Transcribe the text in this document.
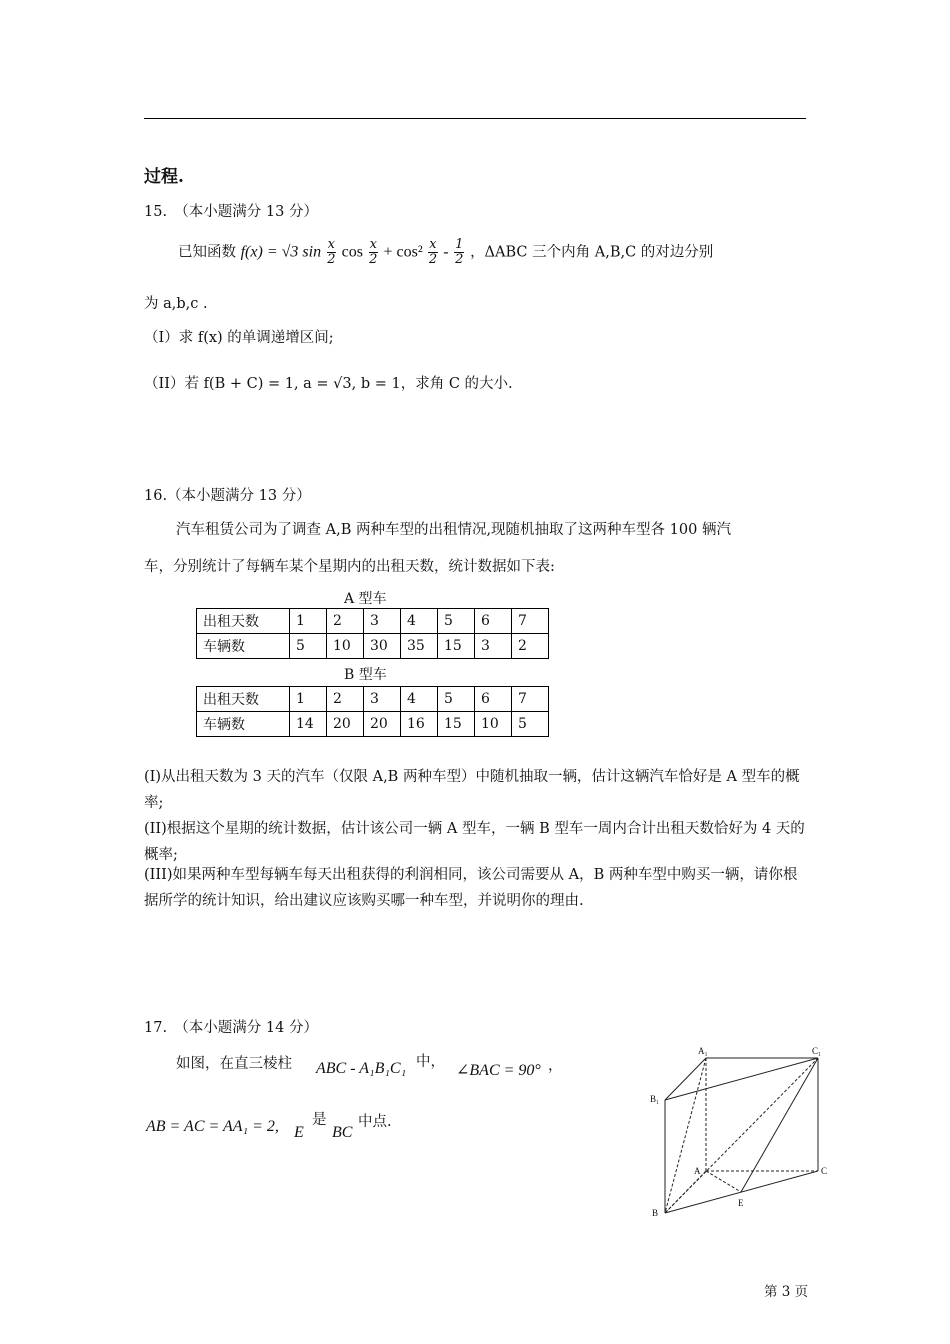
过程.
15.　（本小题满分 13 分）
已知函数 f(x) = √3 $\sin \frac{x}{2}$ $\cos \frac{x}{2} + \cos^2 \frac{x}{2} - \frac{1}{2}$ ，ΔABC 三个内角 A,B,C 的对边分别
为 a,b,c .
（I）求 f(x) 的单调递增区间;
（II）若 f(B + C) = 1, a = √3, b = 1，求角 C 的大小.
16.（本小题满分 13 分）
汽车租赁公司为了调查 A,B 两种车型的出租情况,现随机抽取了这两种车型各 100 辆汽
车，分别统计了每辆车某个星期内的出租天数，统计数据如下表:
A 型车
出租天数	1	2	3	4	5	6	7
车辆数	5	10	30	35	15	3	2
B 型车
出租天数	1	2	3	4	5	6	7
车辆数	14	20	20	16	15	10	5
(I)从出租天数为 3 天的汽车（仅限 A,B 两种车型）中随机抽取一辆，估计这辆汽车恰好是 A 型车的概率;
(II)根据这个星期的统计数据，估计该公司一辆 A 型车，一辆 B 型车一周内合计出租天数恰好为 4 天的概率;
(III)如果两种车型每辆车每天出租获得的利润相同，该公司需要从 A，B 两种车型中购买一辆，请你根据所学的统计知识，给出建议应该购买哪一种车型，并说明你的理由.
17.　（本小题满分 14 分）
如图，在直三棱柱 ABC - A₁B₁C₁ 中， ∠BAC = 90° ，
AB = AC = AA₁ = 2, E
是
BC
中点.
A₁	C₁
B₁
A	C
B
E
第 3 页
